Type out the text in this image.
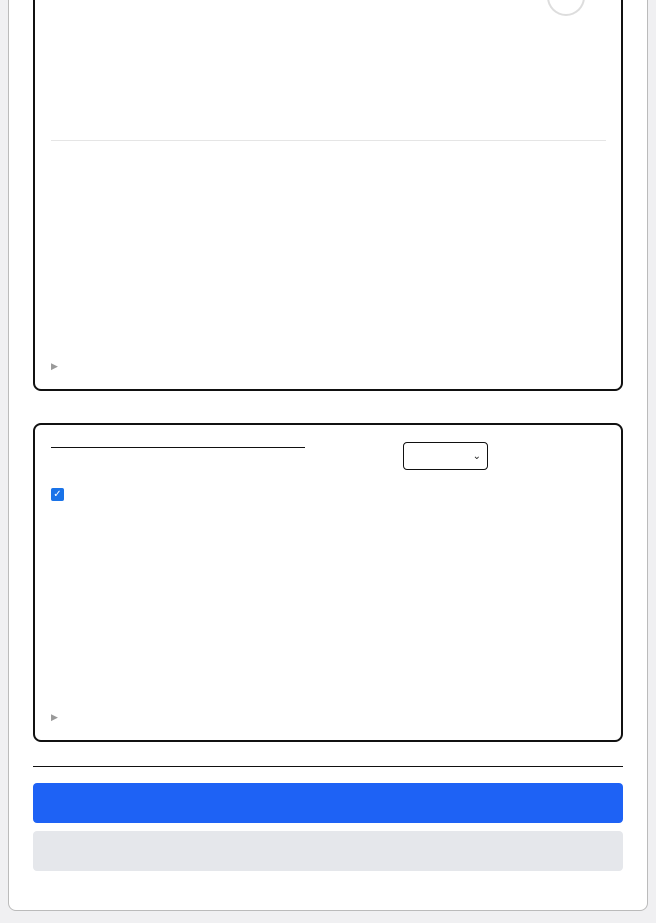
▶
⌄
✓
▶
